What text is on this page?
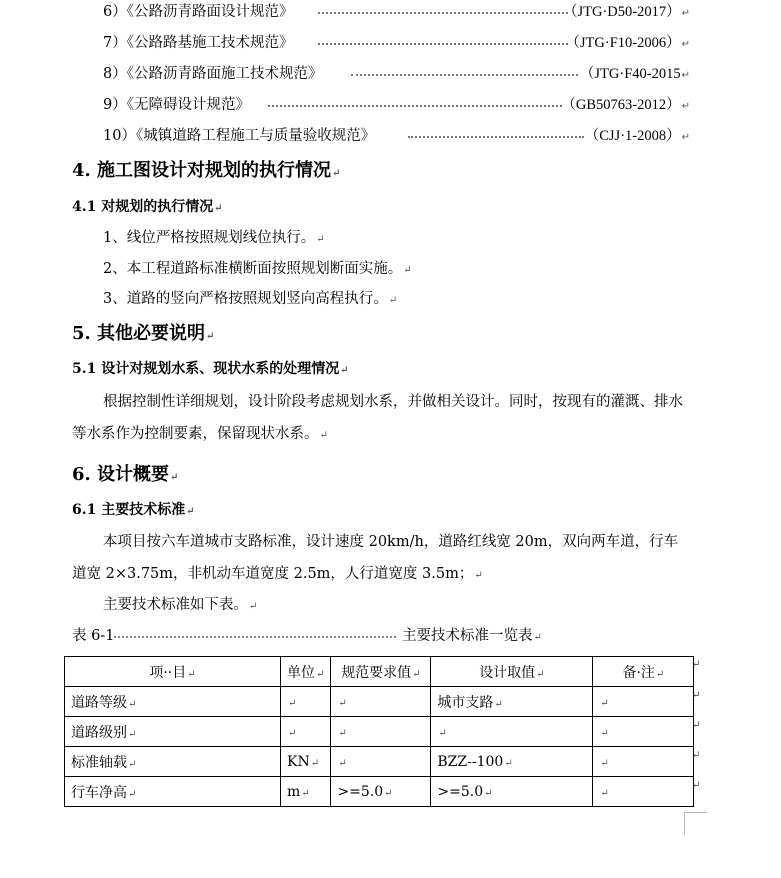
6）《公路沥青路面设计规范》	（JTG·D50-2017）↵
7）《公路路基施工技术规范》	（JTG·F10-2006）↵
8）《公路沥青路面施工技术规范》	（JTG·F40-2015↵
9）《无障碍设计规范》	（GB50763-2012）↵
10）《城镇道路工程施工与质量验收规范》	（CJJ·1-2008）↵
4. 施工图设计对规划的执行情况↵
4.1 对规划的执行情况↵
1、线位严格按照规划线位执行。↵
2、本工程道路标准横断面按照规划断面实施。↵
3、道路的竖向严格按照规划竖向高程执行。↵
5. 其他必要说明↵
5.1 设计对规划水系、现状水系的处理情况↵
根据控制性详细规划，设计阶段考虑规划水系，并做相关设计。同时，按现有的灌溉、排水等水系作为控制要素，保留现状水系。↵
6. 设计概要↵
6.1 主要技术标准↵
本项目按六车道城市支路标准，设计速度 20km/h，道路红线宽 20m，双向两车道，行车道宽 2×3.75m，非机动车道宽度 2.5m，人行道宽度 3.5m；↵
主要技术标准如下表。↵
表 6-1	主要技术标准一览表↵
项··目↵	单位↵	规范要求值↵	设计取值↵	备·注↵
道路等级↵	↵	↵	城市支路↵	↵
道路级别↵	↵	↵	↵	↵
标准轴载↵	KN↵	↵	BZZ--100↵	↵
行车净高↵	m↵	>=5.0↵	>=5.0↵	↵
↵
↵
↵
↵
↵
